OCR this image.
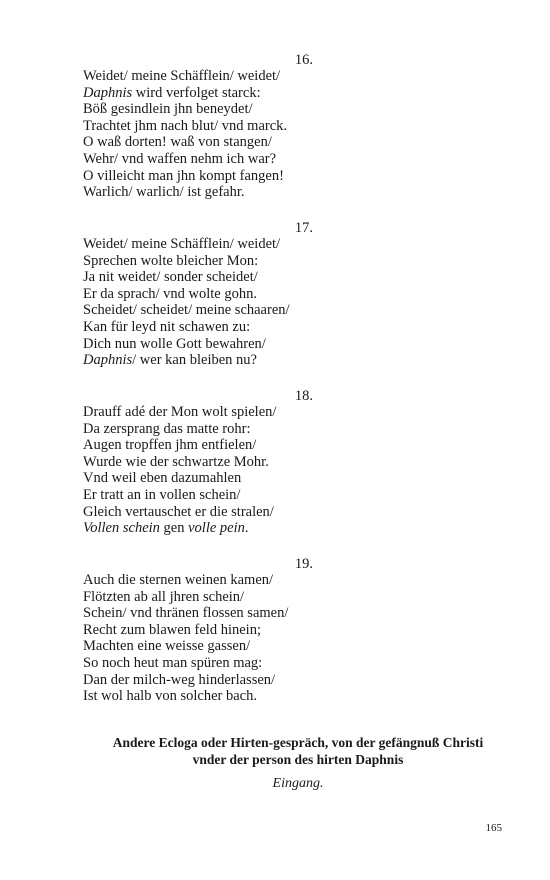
16.
Weidet/ meine Schäfflein/ weidet/
Daphnis wird verfolget starck:
Böß gesindlein jhn beneydet/
Trachtet jhm nach blut/ vnd marck.
O waß dorten! waß von stangen/
Wehr/ vnd waffen nehm ich war?
O villeicht man jhn kompt fangen!
Warlich/ warlich/ ist gefahr.
17.
Weidet/ meine Schäfflein/ weidet/
Sprechen wolte bleicher Mon:
Ja nit weidet/ sonder scheidet/
Er da sprach/ vnd wolte gohn.
Scheidet/ scheidet/ meine schaaren/
Kan für leyd nit schawen zu:
Dich nun wolle Gott bewahren/
Daphnis/ wer kan bleiben nu?
18.
Drauff adé der Mon wolt spielen/
Da zersprang das matte rohr:
Augen tropffen jhm entfielen/
Wurde wie der schwartze Mohr.
Vnd weil eben dazumahlen
Er tratt an in vollen schein/
Gleich vertauschet er die stralen/
Vollen schein gen volle pein.
19.
Auch die sternen weinen kamen/
Flötzten ab all jhren schein/
Schein/ vnd thränen flossen samen/
Recht zum blawen feld hinein;
Machten eine weisse gassen/
So noch heut man spüren mag:
Dan der milch-weg hinderlassen/
Ist wol halb von solcher bach.
Andere Ecloga oder Hirten-gespräch, von der gefängnuß Christi
vnder der person des hirten Daphnis
Eingang.
165
